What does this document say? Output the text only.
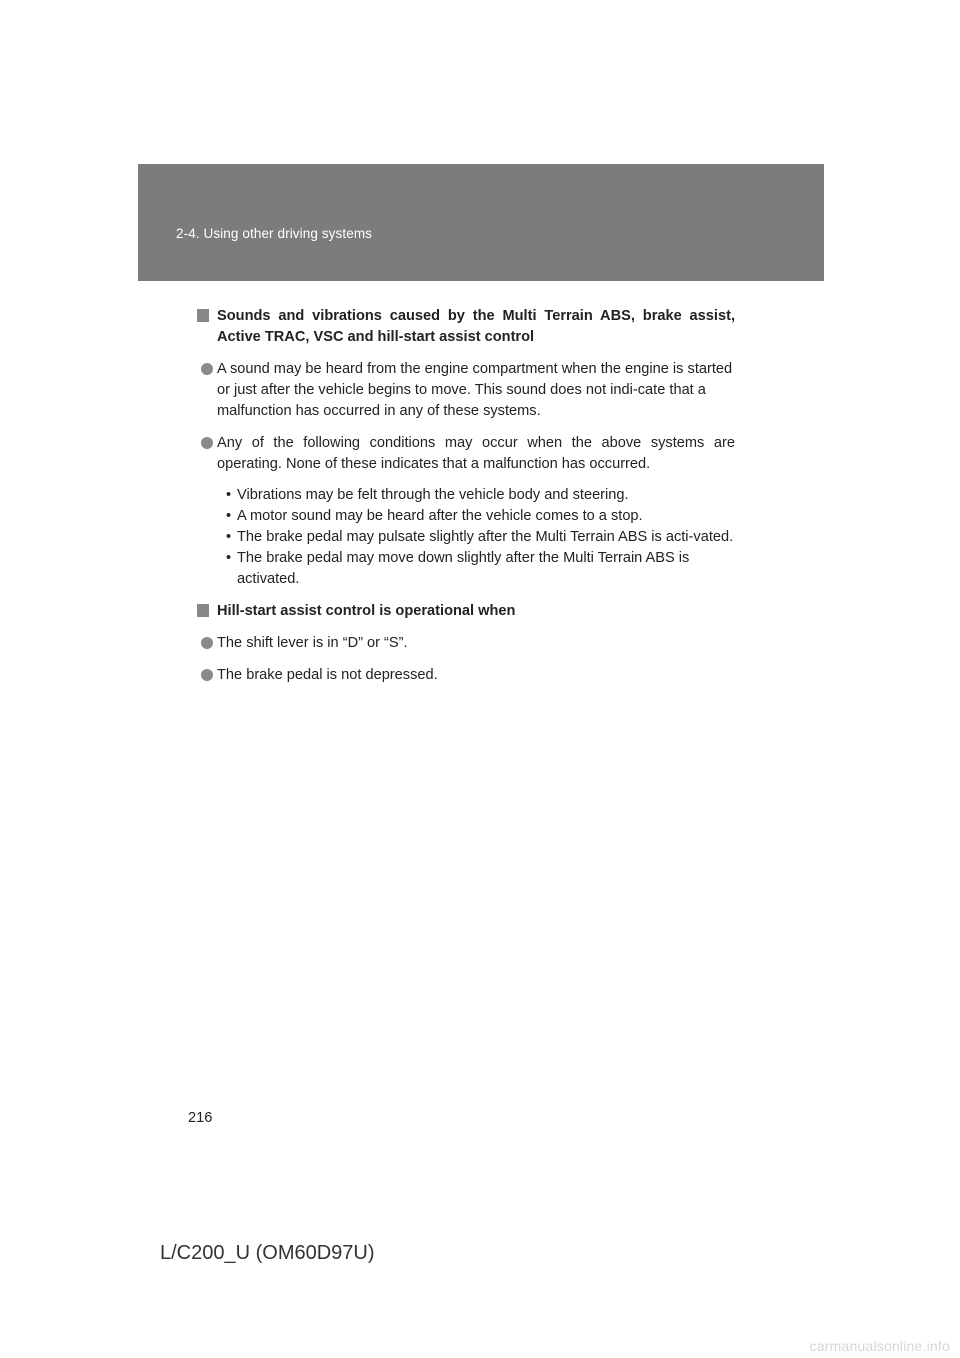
2-4. Using other driving systems
Sounds and vibrations caused by the Multi Terrain ABS, brake assist, Active TRAC, VSC and hill-start assist control
A sound may be heard from the engine compartment when the engine is started or just after the vehicle begins to move. This sound does not indi-cate that a malfunction has occurred in any of these systems.
Any of the following conditions may occur when the above systems are operating. None of these indicates that a malfunction has occurred.
• Vibrations may be felt through the vehicle body and steering.
• A motor sound may be heard after the vehicle comes to a stop.
• The brake pedal may pulsate slightly after the Multi Terrain ABS is acti-vated.
• The brake pedal may move down slightly after the Multi Terrain ABS is activated.
Hill-start assist control is operational when
The shift lever is in “D” or “S”.
The brake pedal is not depressed.
216
L/C200_U (OM60D97U)
carmanualsonline.info
